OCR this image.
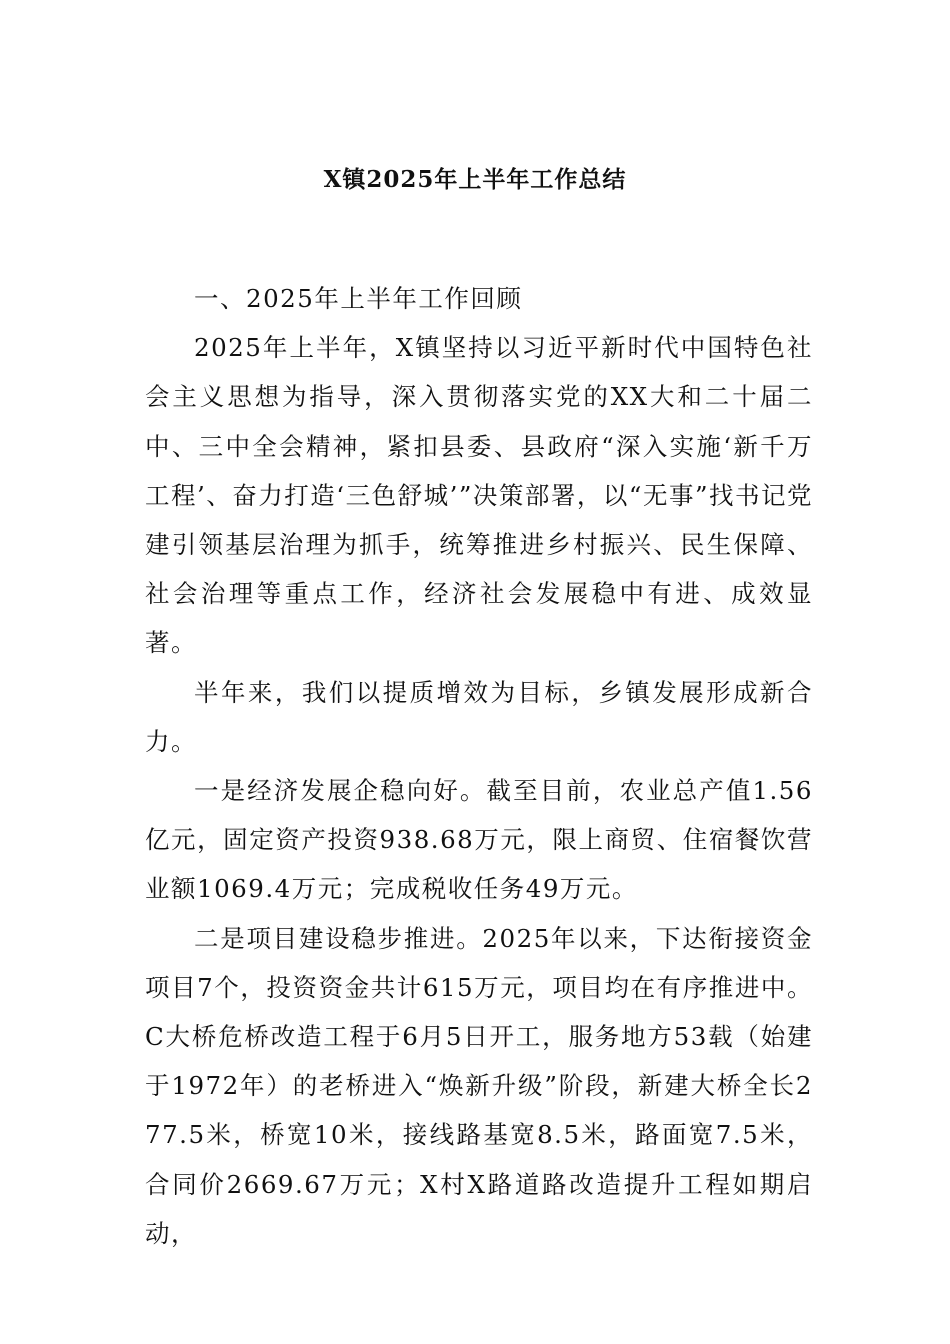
X镇2025年上半年工作总结

一、2025年上半年工作回顾

2025年上半年，X镇坚持以习近平新时代中国特色社会主义思想为指导，深入贯彻落实党的XX大和二十届二中、三中全会精神，紧扣县委、县政府“深入实施‘新千万工程’、奋力打造‘三色舒城’”决策部署，以“无事”找书记党建引领基层治理为抓手，统筹推进乡村振兴、民生保障、社会治理等重点工作，经济社会发展稳中有进、成效显著。

半年来，我们以提质增效为目标，乡镇发展形成新合力。

一是经济发展企稳向好。截至目前，农业总产值1.56亿元，固定资产投资938.68万元，限上商贸、住宿餐饮营业额1069.4万元；完成税收任务49万元。

二是项目建设稳步推进。2025年以来，下达衔接资金项目7个，投资资金共计615万元，项目均在有序推进中。C大桥危桥改造工程于6月5日开工，服务地方53载（始建于1972年）的老桥进入“焕新升级”阶段，新建大桥全长277.5米，桥宽10米，接线路基宽8.5米，路面宽7.5米，合同价2669.67万元；X村X路道路改造提升工程如期启动，
